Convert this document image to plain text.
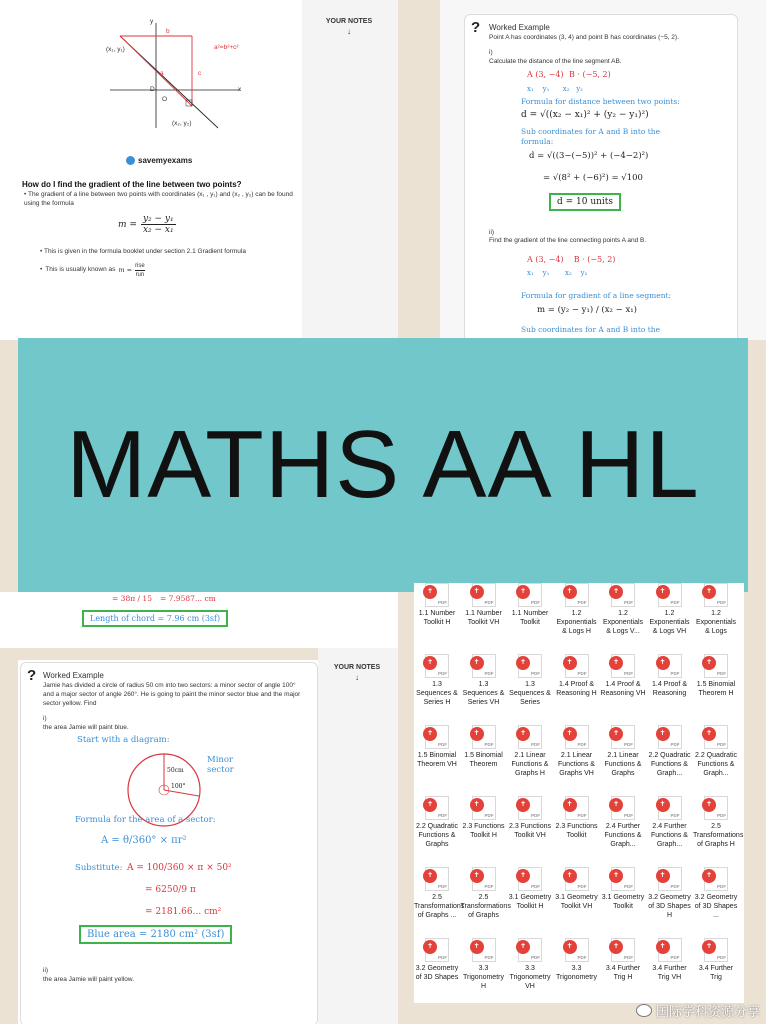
y
x
(x₁, y₁)
(x₂, y₂)
b
c
a
D
O
a²=b²+c²
savemyexams
How do I find the gradient of the line between two points?
• The gradient of a line between two points with coordinates (x₁ , y₁) and (x₂ , y₂) can be found using the formula
$m = \frac{\text{y₂ − y₁}}{\text{x₂ − x₁}}$
• This is given in the formula booklet under section 2.1 Gradient formula
• This is usually known as m =
rise
run
YOUR NOTES
↓	? Worked Example
Point A has coordinates (3, 4) and point B has coordinates (−5, 2).
i)
Calculate the distance of the line segment AB.
A (3, −4) B · (−5, 2)
x₁    y₁      x₂   y₂
Formula for distance between two points:
d = √((x₂ − x₁)² + (y₂ − y₁)²)
Sub coordinates for A and B into the
formula:
d = √((3−(−5))² + (−4−2)²)
= √(8² + (−6)²) = √100
d = 10 units
ii)
Find the gradient of the line connecting points A and B.
A (3, −4)    B · (−5, 2)
x₁    y₁       x₂    y₂
Formula for gradient of a line segment:
m = (y₂ − y₁) / (x₂ − x₁)
Sub coordinates for A and B into the
= 38π / 15 = 7.9587... cm
Length of chord = 7.96 cm (3sf)
? Worked Example
Jamie has divided a circle of radius 50 cm into two sectors: a minor sector of angle 100° and a major sector of angle 260°. He is going to paint the minor sector blue and the major sector yellow. Find
i)
the area Jamie will paint blue.
Start with a diagram:
50cm
100°
Minor sector
Formula for the area of a sector:
A = θ/360° × πr²
Substitute: A = 100/360 × π × 50²
= 6250/9 π
= 2181.66... cm²
Blue area = 2180 cm² (3sf)
ii)
the area Jamie will paint yellow.
YOUR NOTES
↓
MATHS AA HL
✝
PDF
1.1 Number Toolkit H
✝
PDF
1.1 Number Toolkit VH
✝
PDF
1.1 Number Toolkit
✝
PDF
1.2 Exponentials & Logs H
✝
PDF
1.2 Exponentials & Logs V...
✝
PDF
1.2 Exponentials & Logs VH
✝
PDF
1.2 Exponentials & Logs
✝
PDF
1.3 Sequences & Series H
✝
PDF
1.3 Sequences & Series VH
✝
PDF
1.3 Sequences & Series
✝
PDF
1.4 Proof & Reasoning H
✝
PDF
1.4 Proof & Reasoning VH
✝
PDF
1.4 Proof & Reasoning
✝
PDF
1.5 Binomial Theorem H
✝
PDF
1.5 Binomial Theorem VH
✝
PDF
1.5 Binomial Theorem
✝
PDF
2.1 Linear Functions & Graphs H
✝
PDF
2.1 Linear Functions & Graphs VH
✝
PDF
2.1 Linear Functions & Graphs
✝
PDF
2.2 Quadratic Functions & Graph...
✝
PDF
2.2 Quadratic Functions & Graph...
✝
PDF
2.2 Quadratic Functions & Graphs
✝
PDF
2.3 Functions Toolkit H
✝
PDF
2.3 Functions Toolkit VH
✝
PDF
2.3 Functions Toolkit
✝
PDF
2.4 Further Functions & Graph...
✝
PDF
2.4 Further Functions & Graph...
✝
PDF
2.5 Transformations of Graphs H
✝
PDF
2.5 Transformations of Graphs ...
✝
PDF
2.5 Transformations of Graphs
✝
PDF
3.1 Geometry Toolkit H
✝
PDF
3.1 Geometry Toolkit VH
✝
PDF
3.1 Geometry Toolkit
✝
PDF
3.2 Geometry of 3D Shapes H
✝
PDF
3.2 Geometry of 3D Shapes ...
✝
PDF
3.2 Geometry of 3D Shapes
✝
PDF
3.3 Trigonometry H
✝
PDF
3.3 Trigonometry VH
✝
PDF
3.3 Trigonometry
✝
PDF
3.4 Further Trig H
✝
PDF
3.4 Further Trig VH
✝
PDF
3.4 Further Trig
国际学科资源分享
